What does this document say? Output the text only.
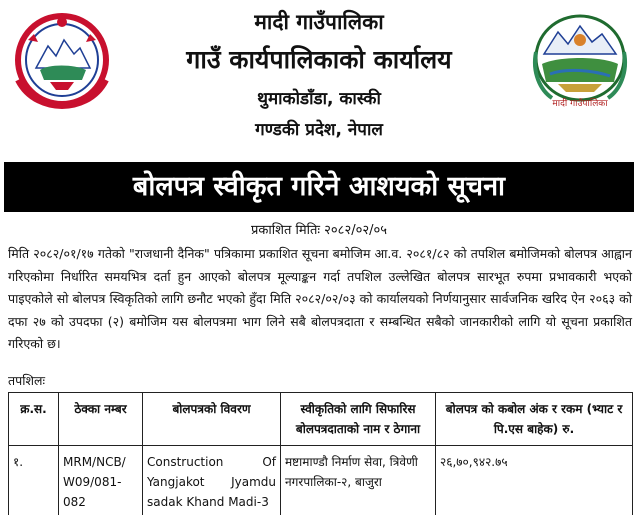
मादी गाउँपालिका
गाउँ कार्यपालिकाको कार्यालय
थुमाकोडाँडा, कास्की
गण्डकी प्रदेश, नेपाल
मादी गाउँपालिका
बोलपत्र स्वीकृत गरिने आशयको सूचना
प्रकाशित मितिः २०८२/०२/०५
मिति २०८२/०१/१७ गतेको "राजधानी दैनिक" पत्रिकामा प्रकाशित सूचना बमोजिम आ.व. २०८१/८२ को तपशिल बमोजिमको बोलपत्र आह्वान गरिएकोमा निर्धारित समयभित्र दर्ता हुन आएको बोलपत्र मूल्याङ्कन गर्दा तपशिल उल्लेखित बोलपत्र सारभूत रुपमा प्रभावकारी भएको पाइएकोले सो बोलपत्र स्विकृतिको लागि छनौट भएको हुँदा मिति २०८२/०२/०३ को कार्यालयको निर्णयानुसार सार्वजनिक खरिद ऐन २०६३ को दफा २७ को उपदफा (२) बमोजिम यस बोलपत्रमा भाग लिने सबै बोलपत्रदाता र सम्बन्धित सबैको जानकारीको लागि यो सूचना प्रकाशित गरिएको छ।
तपशिलः
क्र.स.	ठेक्का नम्बर	बोलपत्रको विवरण	स्वीकृतिको लागि सिफारिस बोलपत्रदाताको नाम र ठेगाना	बोलपत्र को कबोल अंक र रकम (भ्याट र पि.एस बाहेक) रु.
१.	MRM/NCB/ W09/081-082	Construction Of Yangjakot Jyamdu sadak Khand Madi-3	मष्टामाण्डौ निर्माण सेवा, त्रिवेणी नगरपालिका-२, बाजुरा	२६,७०,९४२.७५
